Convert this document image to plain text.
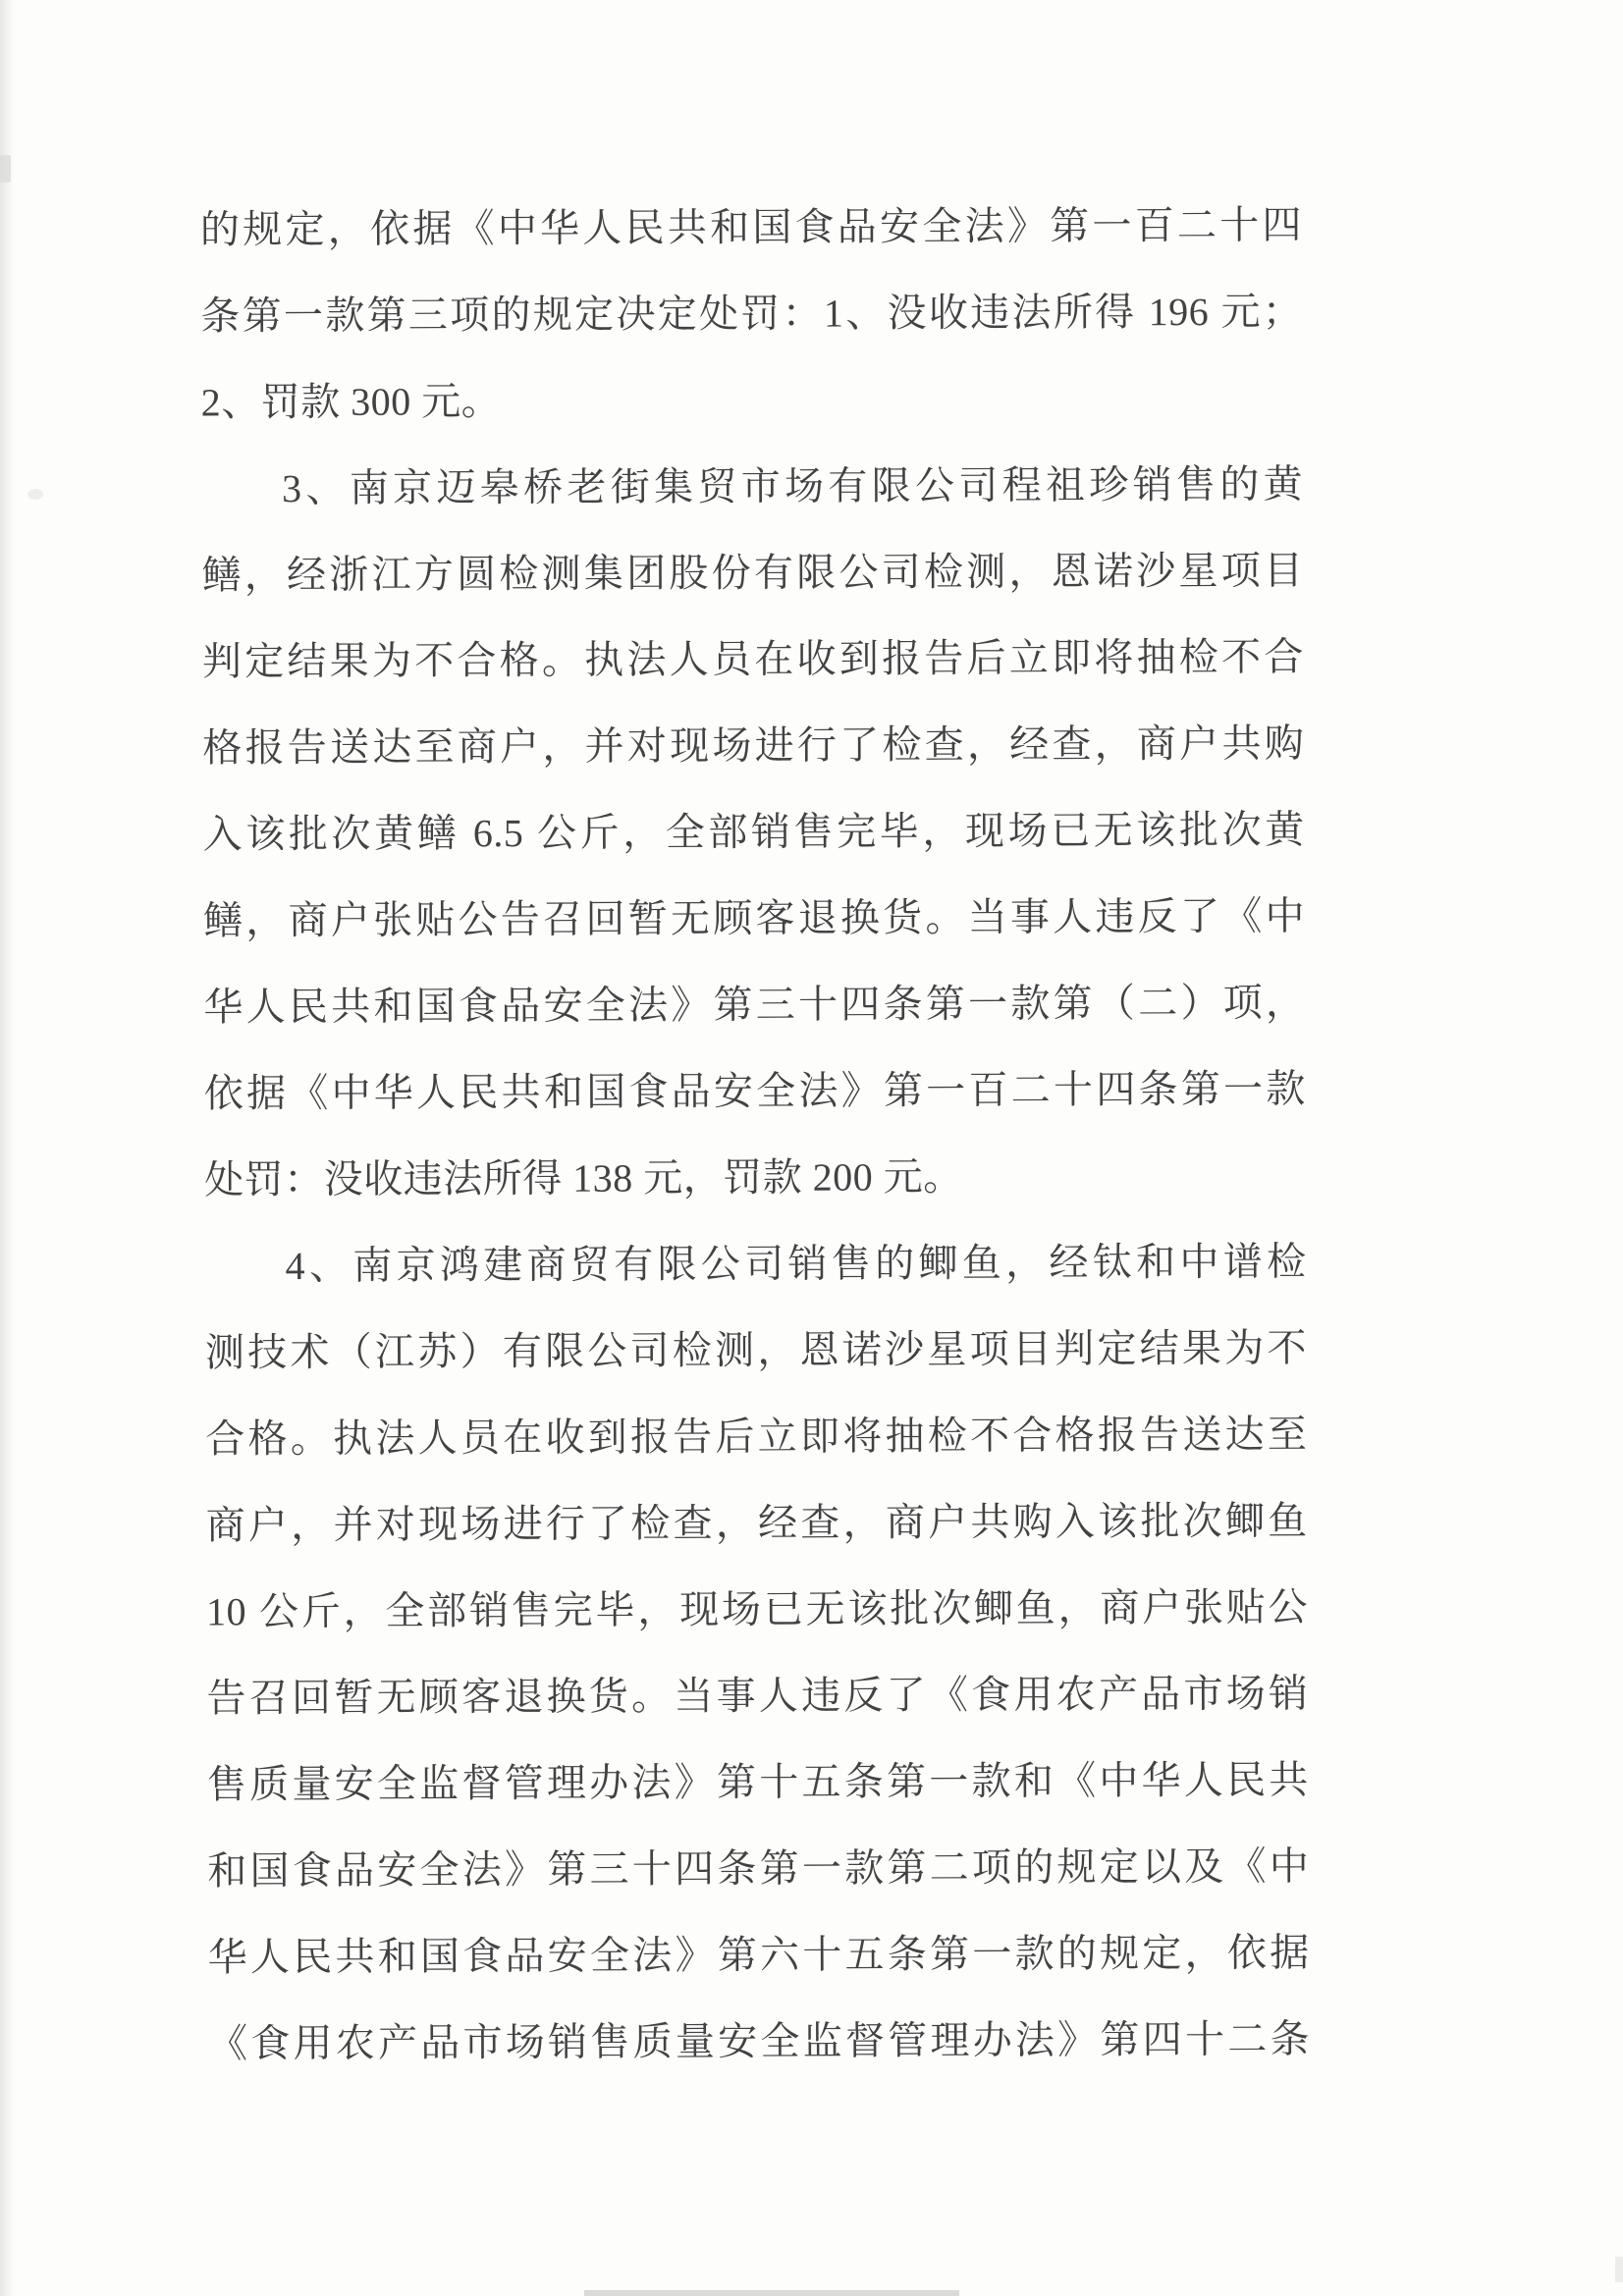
的规定，依据《中华人民共和国食品安全法》第一百二十四
条第一款第三项的规定决定处罚：1、没收违法所得 196 元；
2、罚款 300 元。
3、南京迈皋桥老街集贸市场有限公司程祖珍销售的黄
鳝，经浙江方圆检测集团股份有限公司检测，恩诺沙星项目
判定结果为不合格。执法人员在收到报告后立即将抽检不合
格报告送达至商户，并对现场进行了检查，经查，商户共购
入该批次黄鳝 6.5 公斤，全部销售完毕，现场已无该批次黄
鳝，商户张贴公告召回暂无顾客退换货。当事人违反了《中
华人民共和国食品安全法》第三十四条第一款第（二）项，
依据《中华人民共和国食品安全法》第一百二十四条第一款
处罚：没收违法所得 138 元，罚款 200 元。
4、南京鸿建商贸有限公司销售的鲫鱼，经钛和中谱检
测技术（江苏）有限公司检测，恩诺沙星项目判定结果为不
合格。执法人员在收到报告后立即将抽检不合格报告送达至
商户，并对现场进行了检查，经查，商户共购入该批次鲫鱼
10 公斤，全部销售完毕，现场已无该批次鲫鱼，商户张贴公
告召回暂无顾客退换货。当事人违反了《食用农产品市场销
售质量安全监督管理办法》第十五条第一款和《中华人民共
和国食品安全法》第三十四条第一款第二项的规定以及《中
华人民共和国食品安全法》第六十五条第一款的规定，依据
《食用农产品市场销售质量安全监督管理办法》第四十二条
